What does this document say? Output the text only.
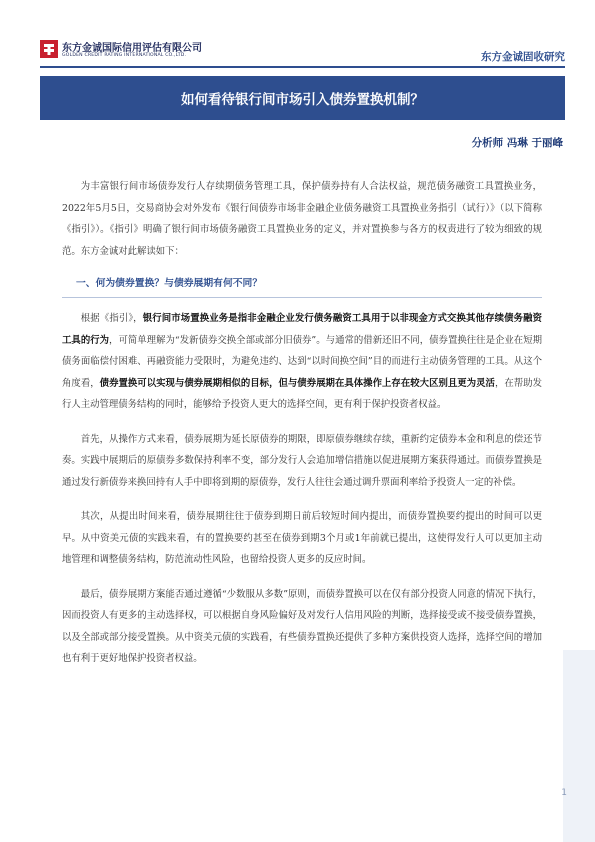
东方金诚国际信用评估有限公司
GOLDEN CREDIT RATING INTERNATIONAL CO.,LTD.	东方金诚固收研究
如何看待银行间市场引入债券置换机制？
分析师 冯琳 于丽峰

为丰富银行间市场债券发行人存续期债务管理工具，保护债券持有人合法权益，规范债务融资工具置换业务，2022年5月5日，交易商协会对外发布《银行间债券市场非金融企业债务融资工具置换业务指引（试行）》（以下简称《指引》）。《指引》明确了银行间市场债务融资工具置换业务的定义，并对置换参与各方的权责进行了较为细致的规范。东方金诚对此解读如下：

一、何为债券置换？与债券展期有何不同？

根据《指引》，银行间市场置换业务是指非金融企业发行债务融资工具用于以非现金方式交换其他存续债务融资工具的行为，可简单理解为“发新债券交换全部或部分旧债券”。与通常的借新还旧不同，债券置换往往是企业在短期债务面临偿付困难、再融资能力受限时，为避免违约、达到“以时间换空间”目的而进行主动债务管理的工具。从这个角度看，债券置换可以实现与债券展期相似的目标，但与债券展期在具体操作上存在较大区别且更为灵活，在帮助发行人主动管理债务结构的同时，能够给予投资人更大的选择空间，更有利于保护投资者权益。

首先，从操作方式来看，债券展期为延长原债券的期限，即原债券继续存续，重新约定债券本金和利息的偿还节奏。实践中展期后的原债券多数保持利率不变，部分发行人会追加增信措施以促进展期方案获得通过。而债券置换是通过发行新债券来换回持有人手中即将到期的原债券，发行人往往会通过调升票面利率给予投资人一定的补偿。

其次，从提出时间来看，债券展期往往于债券到期日前后较短时间内提出，而债券置换要约提出的时间可以更早。从中资美元债的实践来看，有的置换要约甚至在债券到期3个月或1年前就已提出，这使得发行人可以更加主动地管理和调整债务结构，防范流动性风险，也留给投资人更多的反应时间。

最后，债券展期方案能否通过遵循“少数服从多数”原则，而债券置换可以在仅有部分投资人同意的情况下执行，因而投资人有更多的主动选择权，可以根据自身风险偏好及对发行人信用风险的判断，选择接受或不接受债券置换，以及全部或部分接受置换。从中资美元债的实践看，有些债券置换还提供了多种方案供投资人选择，选择空间的增加也有利于更好地保护投资者权益。

1
